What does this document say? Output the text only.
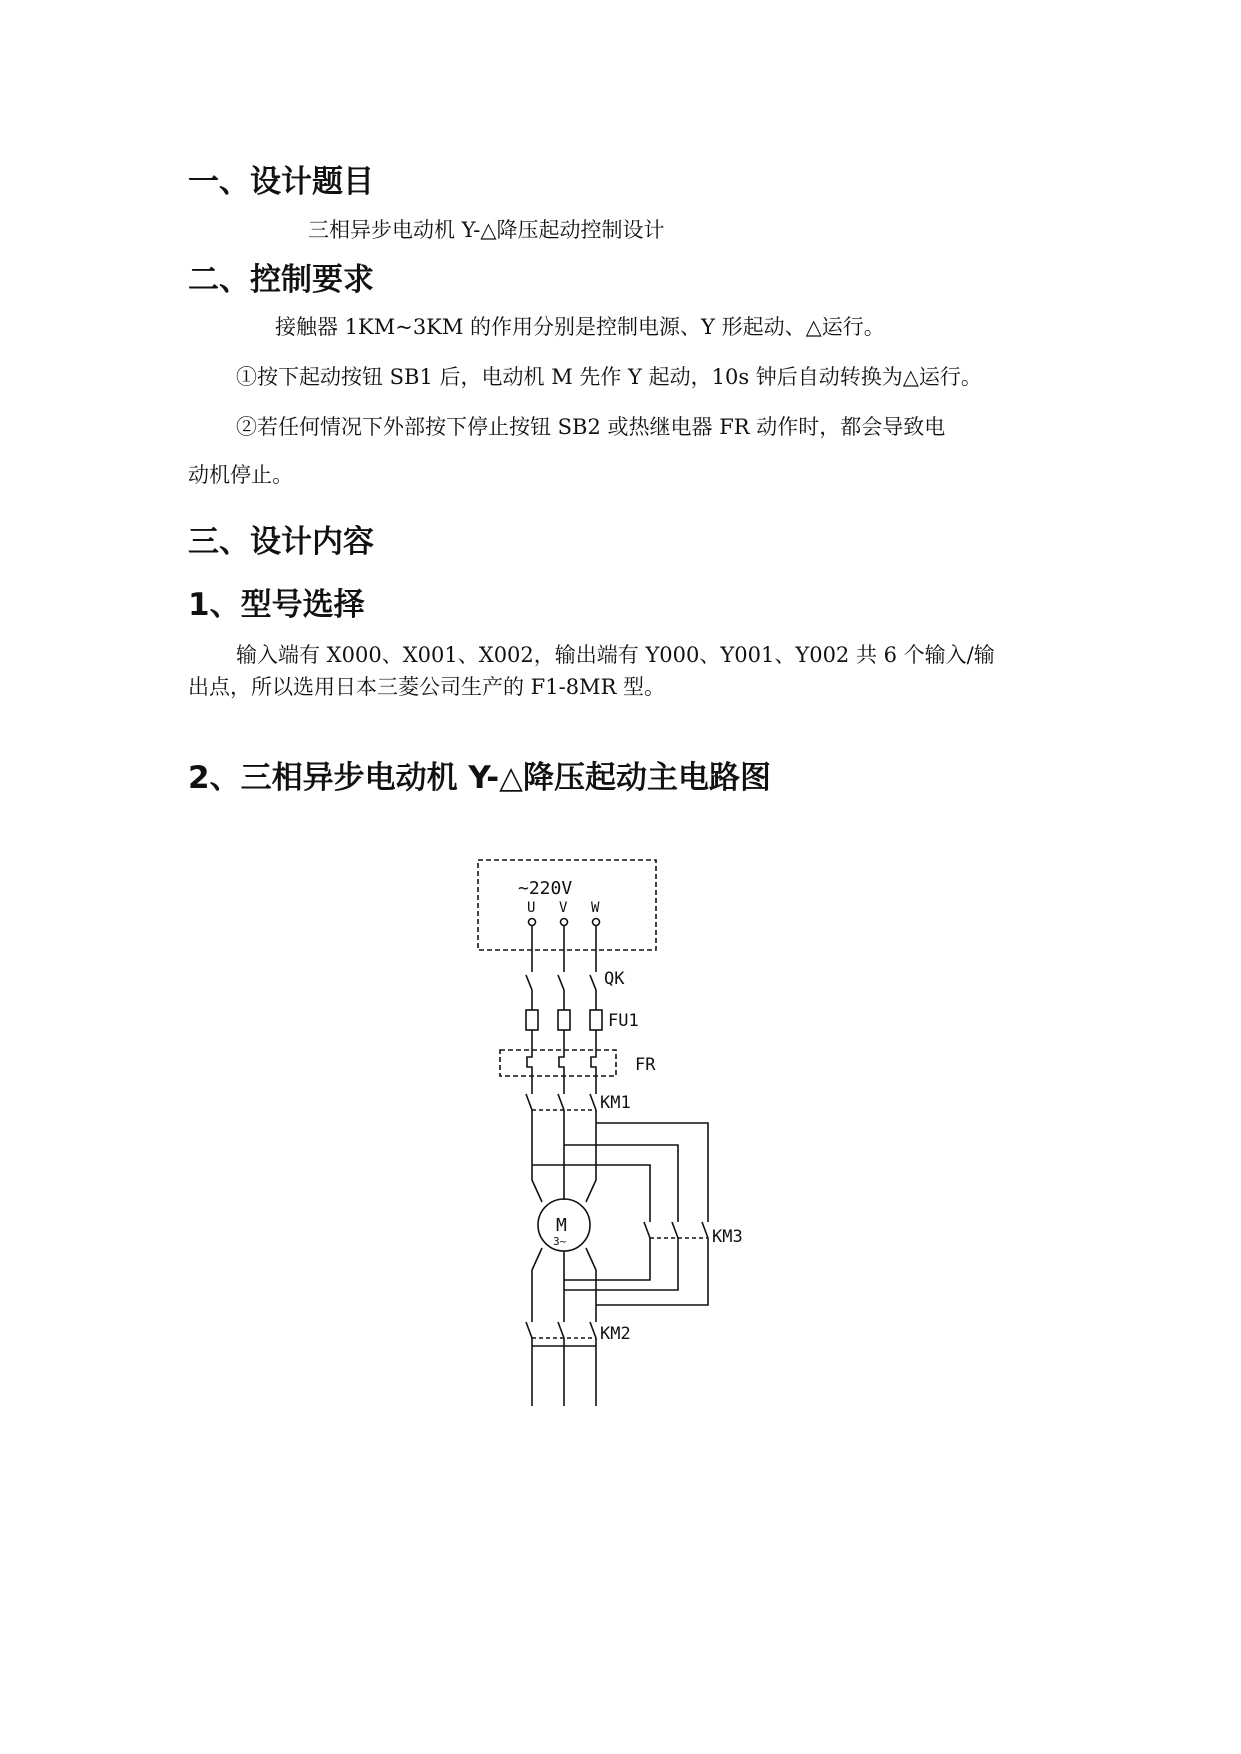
一、设计题目

三相异步电动机 Y-△降压起动控制设计

二、控制要求

接触器 1KM~3KM 的作用分别是控制电源、Y 形起动、△运行。

①按下起动按钮 SB1 后，电动机 M 先作 Y 起动，10s 钟后自动转换为△运行。

②若任何情况下外部按下停止按钮 SB2 或热继电器 FR 动作时，都会导致电

动机停止。

三、设计内容
1、型号选择

输入端有 X000、X001、X002，输出端有 Y000、Y001、Y002 共 6 个输入/输

出点，所以选用日本三菱公司生产的 F1-8MR 型。

2、三相异步电动机 Y-△降压起动主电路图
~220V
U V W
QK
FU1
FR
KM1
KM3
KM2
M
3~
